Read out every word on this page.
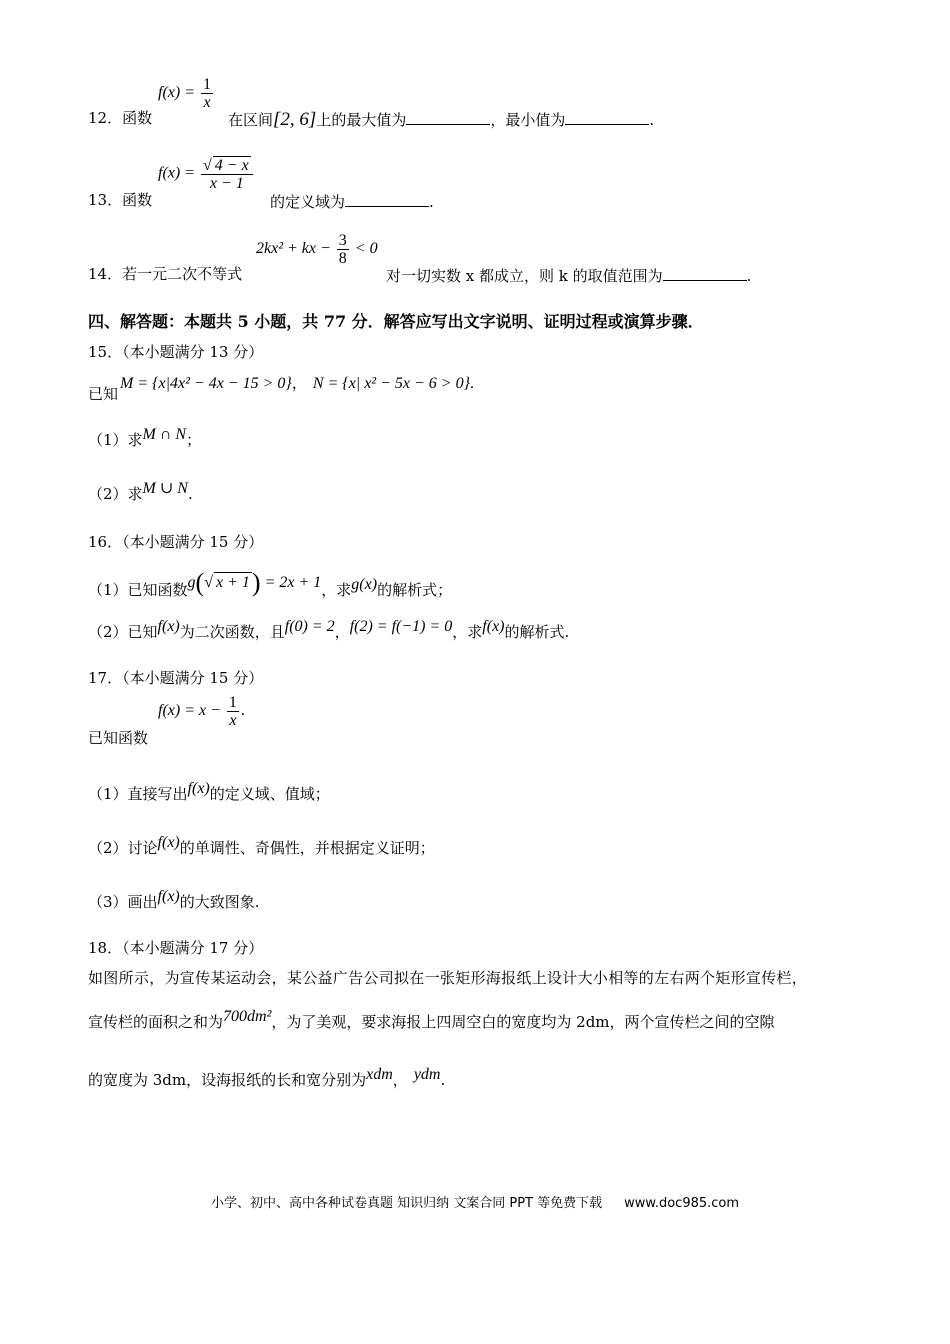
12．函数
$f(x) = \frac{1}{x}$
在区间[2, 6]上的最大值为	，最小值为	.
13．函数
$f(x) = \frac{√ 4 - x}{x - 1}$
的定义域为	.
14．若一元二次不等式
2kx² + kx − $\frac{3}{8} < 0$
对一切实数 x 都成立，则 k 的取值范围为	.
四、解答题：本题共 5 小题，共 77 分．解答应写出文字说明、证明过程或演算步骤．
15．（本小题满分 13 分）
已知
M = {x|4x² − 4x − 15 > 0}， N = {x| x² − 5x − 6 > 0}.
（1）求M ∩ N；
（2）求M ∪ N.
16．（本小题满分 15 分）
（1）已知函数g(√ x + 1) = 2x + 1，求g(x)的解析式；
（2）已知f(x)为二次函数，且f(0) = 2，f(2) = f(−1) = 0，求f(x)的解析式.
17．（本小题满分 15 分）
已知函数
$f(x) = x - \frac{1}{x}$ .
（1）直接写出f(x)的定义域、值域；
（2）讨论f(x)的单调性、奇偶性，并根据定义证明；
（3）画出f(x)的大致图象.
18．（本小题满分 17 分）
如图所示，为宣传某运动会，某公益广告公司拟在一张矩形海报纸上设计大小相等的左右两个矩形宣传栏，
宣传栏的面积之和为700dm²，为了美观，要求海报上四周空白的宽度均为 2dm，两个宣传栏之间的空隙
的宽度为 3dm，设海报纸的长和宽分别为xdm， ydm.
小学、初中、高中各种试卷真题 知识归纳 文案合同 PPT 等免费下载 www.doc985.com
